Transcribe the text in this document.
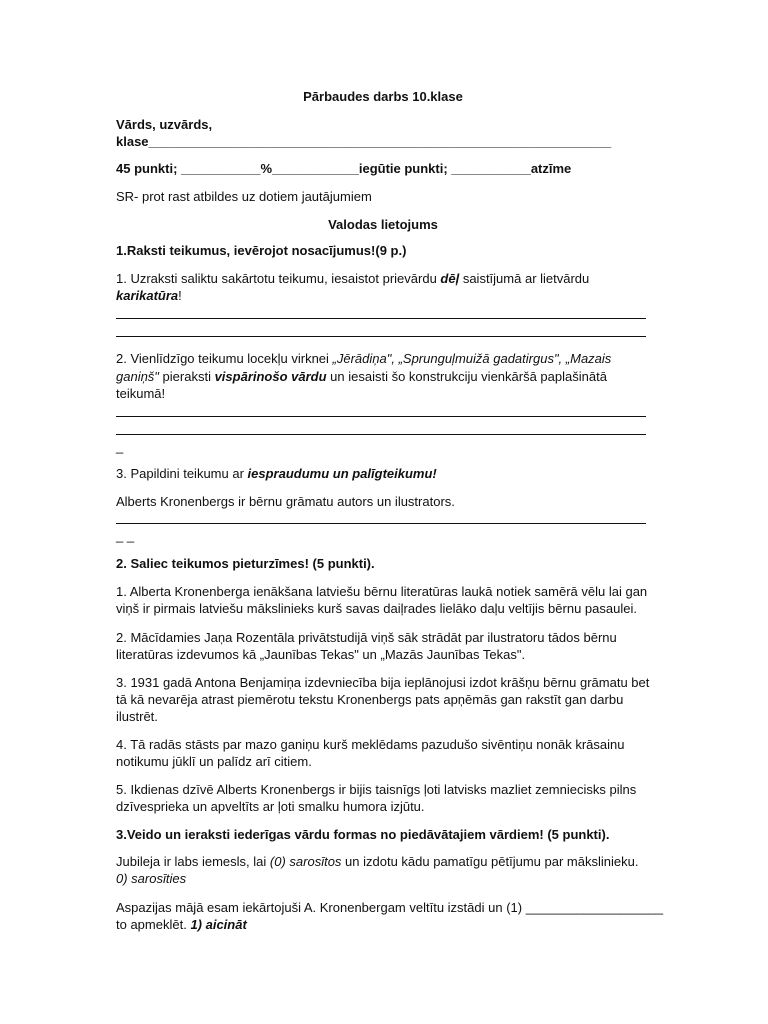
Pārbaudes darbs 10.klase
Vārds, uzvārds,
klase________________________________________________________________
45 punkti; ___________%____________iegūtie punkti; ___________atzīme
SR- prot rast atbildes uz dotiem jautājumiem
Valodas lietojums
1.Raksti teikumus, ievērojot nosacījumus!(9 p.)
1. Uzraksti saliktu sakārtotu teikumu, iesaistot prievārdu dēļ saistījumā ar lietvārdu
karikatūra!
2. Vienlīdzīgo teikumu locekļu virknei „Jērādiņa", „Sprunguļmuižā gadatirgus", „Mazais
ganiņš" pieraksti vispārinošo vārdu un iesaisti šo konstrukciju vienkāršā paplašinātā
teikumā!
_
3. Papildini teikumu ar iespraudumu un palīgteikumu!
Alberts Kronenbergs ir bērnu grāmatu autors un ilustrators.
_ _
2. Saliec teikumos pieturzīmes! (5 punkti).
1. Alberta Kronenberga ienākšana latviešu bērnu literatūras laukā notiek samērā vēlu lai gan
viņš ir pirmais latviešu mākslinieks kurš savas daiļrades lielāko daļu veltījis bērnu pasaulei.
2. Mācīdamies Jaņa Rozentāla privātstudijā viņš sāk strādāt par ilustratoru tādos bērnu
literatūras izdevumos kā „Jaunības Tekas" un „Mazās Jaunības Tekas".
3. 1931 gadā Antona Benjamiņa izdevniecība bija ieplānojusi izdot krāšņu bērnu grāmatu bet
tā kā nevarēja atrast piemērotu tekstu Kronenbergs pats apņēmās gan rakstīt gan darbu
ilustrēt.
4. Tā radās stāsts par mazo ganiņu kurš meklēdams pazudušo sivēntiņu nonāk krāsainu
notikumu jūklī un palīdz arī citiem.
5. Ikdienas dzīvē Alberts Kronenbergs ir bijis taisnīgs ļoti latvisks mazliet zemniecisks pilns
dzīvesprieka un apveltīts ar ļoti smalku humora izjūtu.
3.Veido un ieraksti iederīgas vārdu formas no piedāvātajiem vārdiem! (5 punkti).
Jubileja ir labs iemesls, lai (0) sarosītos un izdotu kādu pamatīgu pētījumu par mākslinieku.
0) sarosīties
Aspazijas mājā esam iekārtojuši A. Kronenbergam veltītu izstādi un (1) ___________________
to apmeklēt. 1) aicināt
